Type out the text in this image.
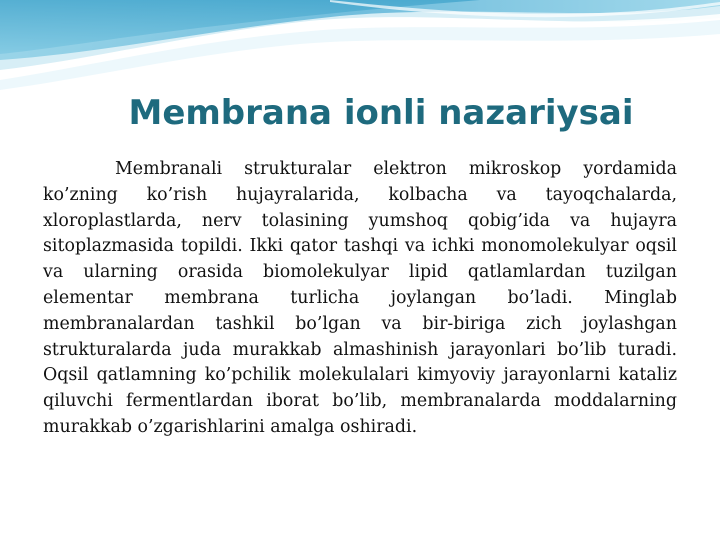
Membrana ionli nazariysai

Membranali strukturalar elektron mikroskop yordamida ko’zning ko’rish hujayralarida, kolbacha va tayoqchalarda, xloroplastlarda, nerv tolasining yumshoq qobig’ida va hujayra sitoplazmasida topildi. Ikki qator tashqi va ichki monomolekulyar oqsil va ularning orasida biomolekulyar lipid qatlamlardan tuzilgan elementar membrana turlicha joylangan bo’ladi. Minglab membranalardan tashkil bo’lgan va bir-biriga zich joylashgan strukturalarda juda murakkab almashinish jarayonlari bo’lib turadi. Oqsil qatlamning ko’pchilik molekulalari kimyoviy jarayonlarni kataliz qiluvchi fermentlardan iborat bo’lib, membranalarda moddalarning murakkab o’zgarishlarini amalga oshiradi.
